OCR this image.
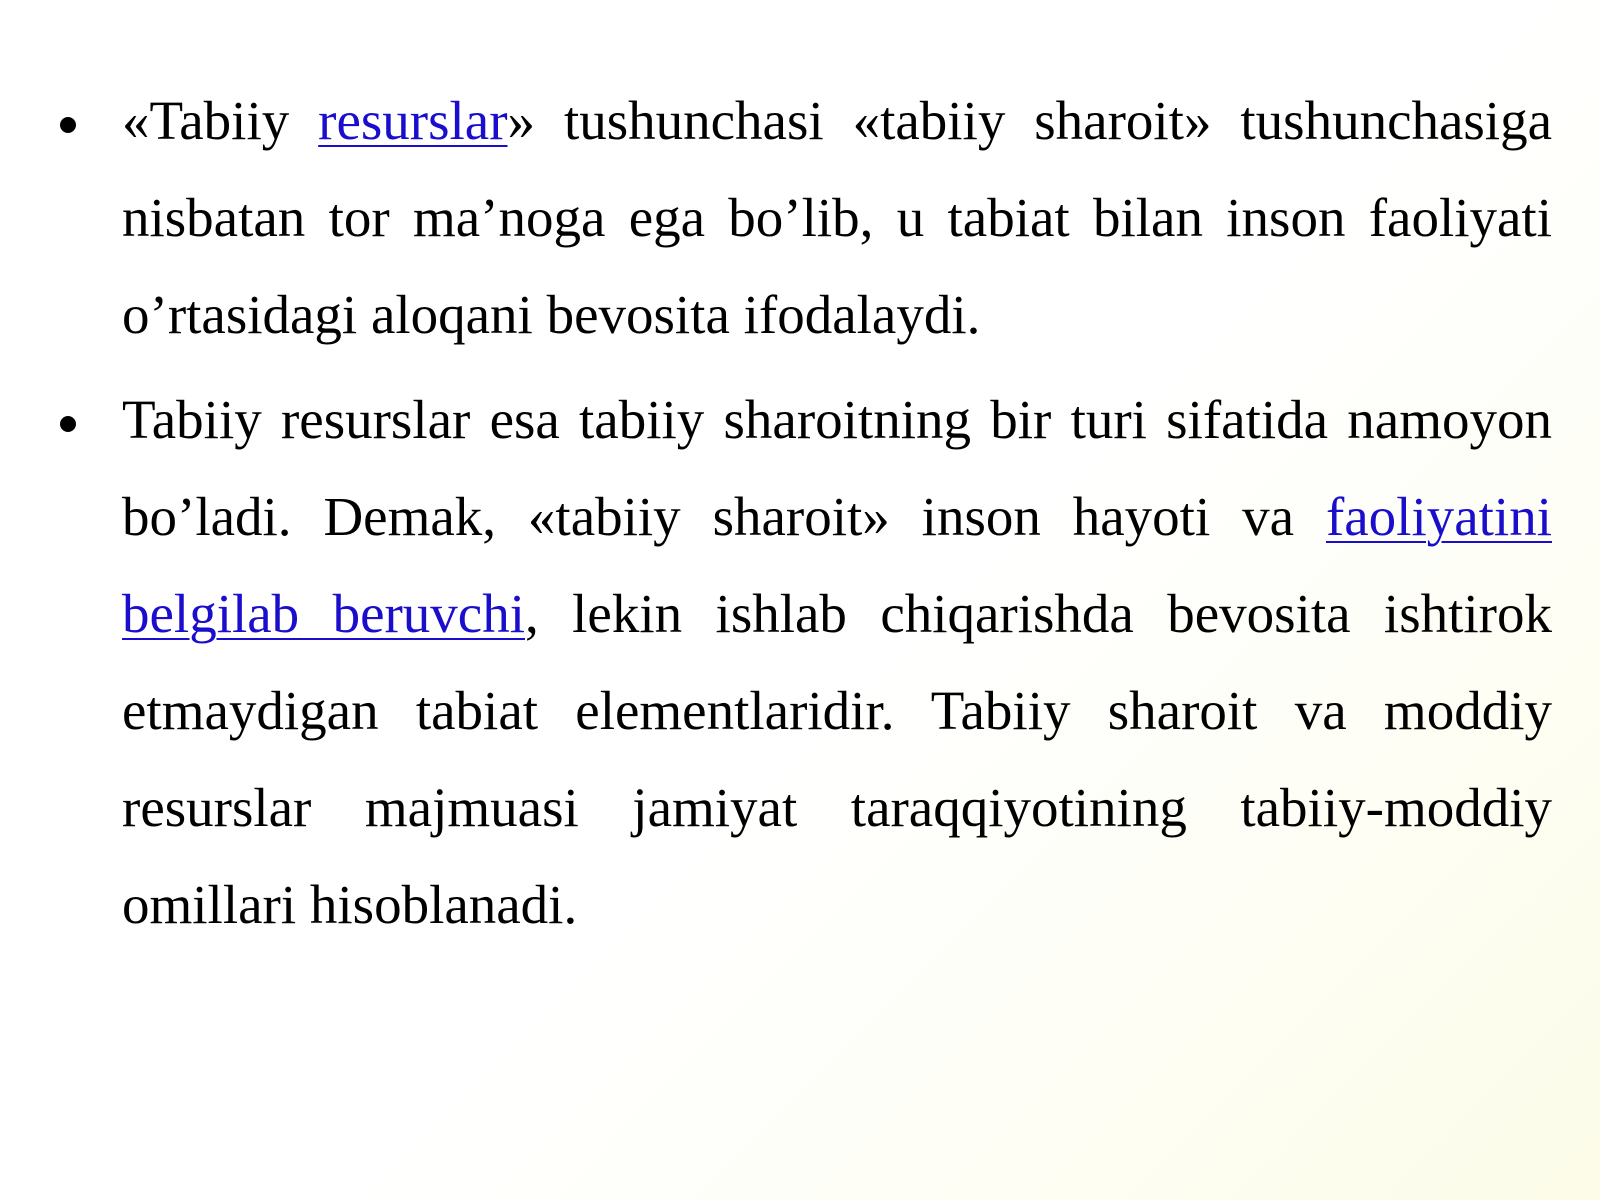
«Tabiiy resurslar» tushunchasi «tabiiy sharoit» tushunchasiga nisbatan tor ma’noga ega bo’lib, u tabiat bilan inson faoliyati o’rtasidagi aloqani bevosita ifodalaydi.
Tabiiy resurslar esa tabiiy sharoitning bir turi sifatida namoyon bo’ladi. Demak, «tabiiy sharoit» inson hayoti va faoliyatini belgilab beruvchi, lekin ishlab chiqarishda bevosita ishtirok etmaydigan tabiat elementlaridir. Tabiiy sharoit va moddiy resurslar majmuasi jamiyat taraqqiyotining tabiiy-moddiy omillari hisoblanadi.
